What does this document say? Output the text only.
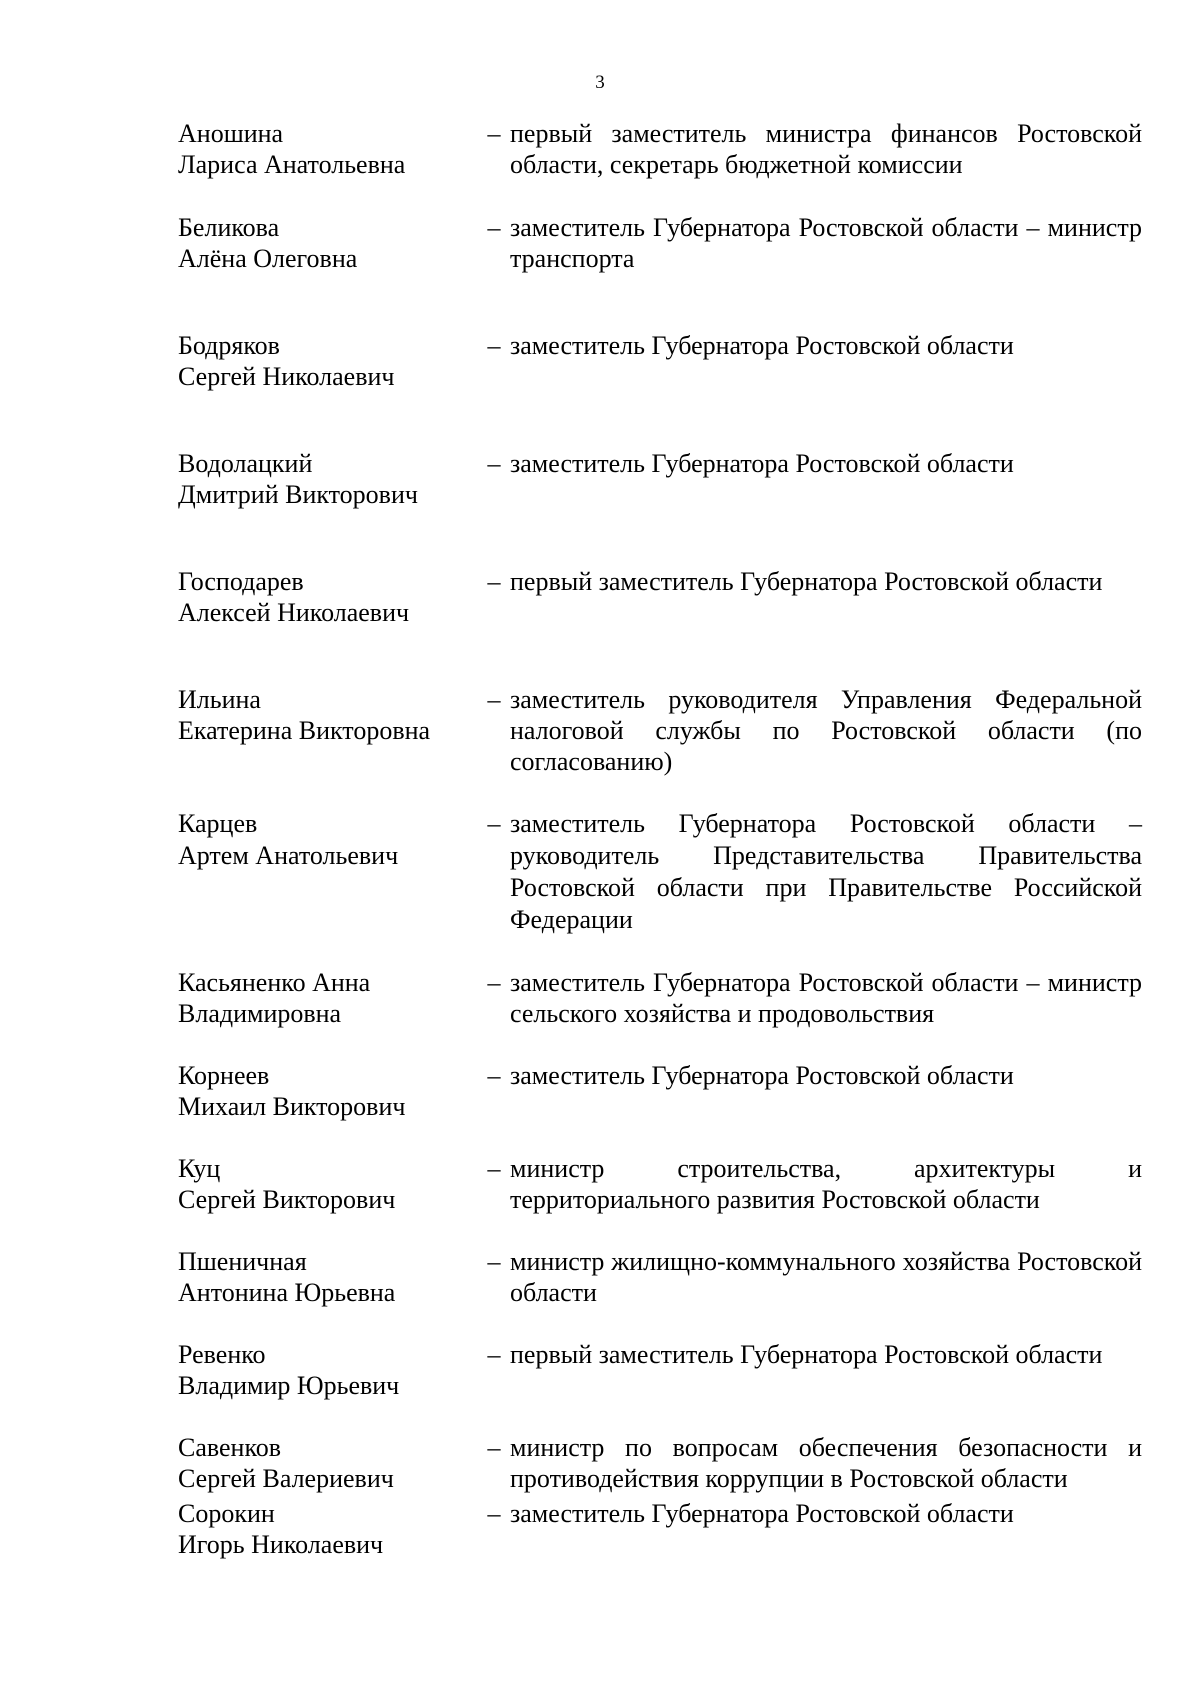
3
Аношина
Лариса Анатольевна
– первый заместитель министра финансов Ростовской области, секретарь бюджетной комиссии
Беликова
Алёна Олеговна
– заместитель Губернатора Ростовской области – министр транспорта
Бодряков
Сергей Николаевич
– заместитель Губернатора Ростовской области
Водолацкий
Дмитрий Викторович
– заместитель Губернатора Ростовской области
Господарев
Алексей Николаевич
– первый заместитель Губернатора Ростовской области
Ильина
Екатерина Викторовна
– заместитель руководителя Управления Федеральной налоговой службы по Ростовской области (по согласованию)
Карцев
Артем Анатольевич
– заместитель Губернатора Ростовской области – руководитель Представительства Правительства Ростовской области при Правительстве Российской Федерации
Касьяненко Анна
Владимировна
– заместитель Губернатора Ростовской области – министр сельского хозяйства и продовольствия
Корнеев
Михаил Викторович
– заместитель Губернатора Ростовской области
Куц
Сергей Викторович
– министр строительства, архитектуры и территориального развития Ростовской области
Пшеничная
Антонина Юрьевна
– министр жилищно-коммунального хозяйства Ростовской области
Ревенко
Владимир Юрьевич
– первый заместитель Губернатора Ростовской области
Савенков
Сергей Валериевич
– министр по вопросам обеспечения безопасности и противодействия коррупции в Ростовской области
Сорокин
Игорь Николаевич
– заместитель Губернатора Ростовской области
